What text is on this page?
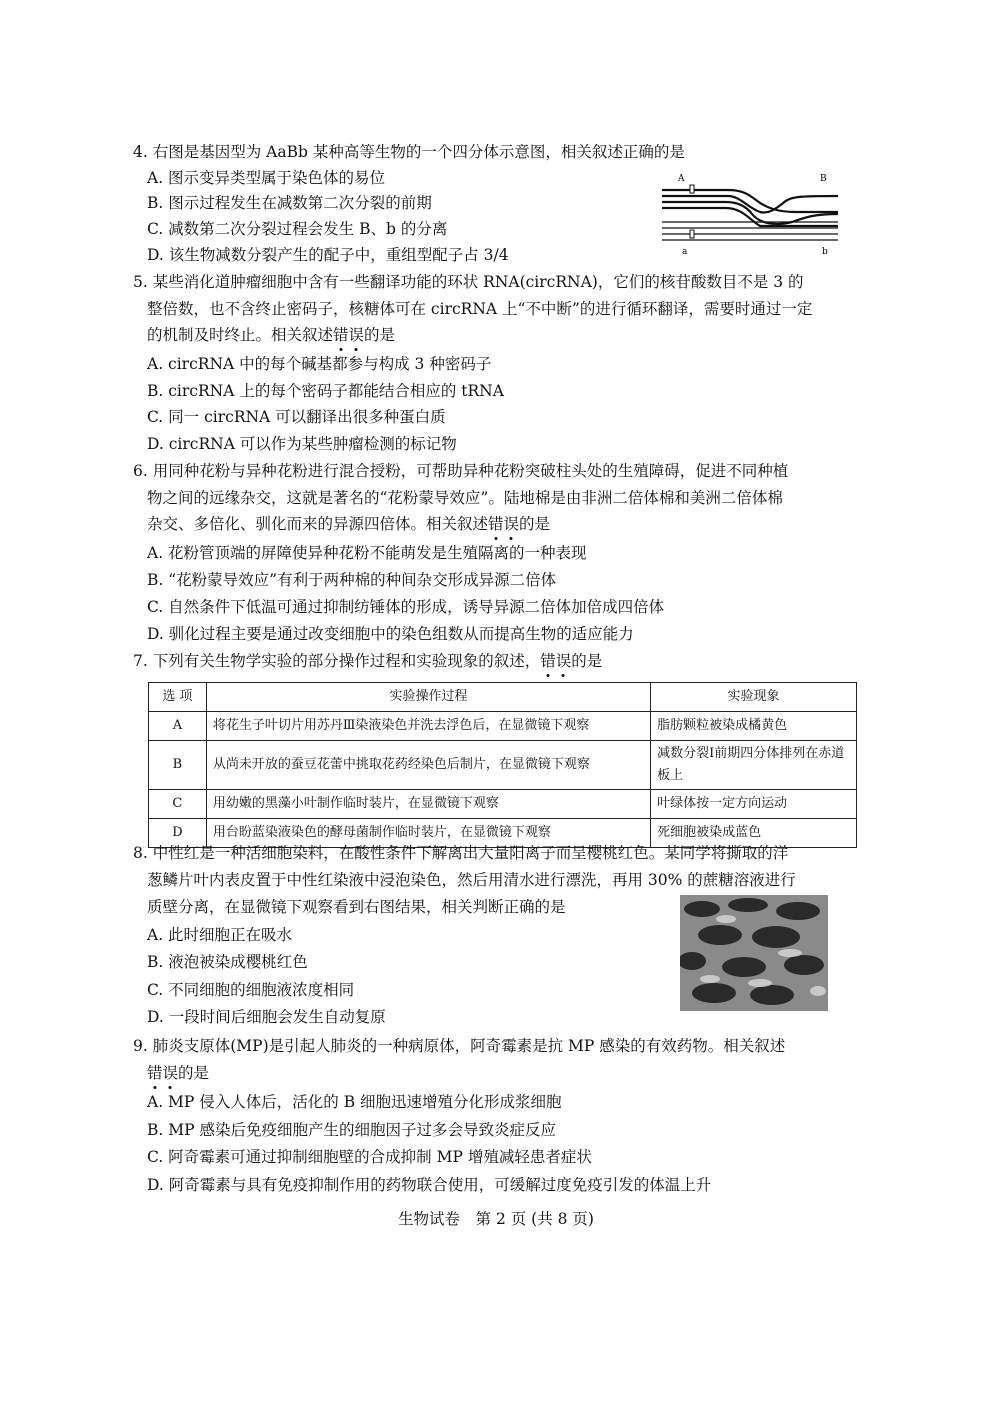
4. 右图是基因型为 AaBb 某种高等生物的一个四分体示意图，相关叙述正确的是
A. 图示变异类型属于染色体的易位
B. 图示过程发生在减数第二次分裂的前期
C. 减数第二次分裂过程会发生 B、b 的分离
D. 该生物减数分裂产生的配子中，重组型配子占 3/4
A	B
a	b
5. 某些消化道肿瘤细胞中含有一些翻译功能的环状 RNA(circRNA)，它们的核苷酸数目不是 3 的
整倍数，也不含终止密码子，核糖体可在 circRNA 上“不中断”的进行循环翻译，需要时通过一定
的机制及时终止。相关叙述错误的是
A. circRNA 中的每个碱基都参与构成 3 种密码子
B. circRNA 上的每个密码子都能结合相应的 tRNA
C. 同一 circRNA 可以翻译出很多种蛋白质
D. circRNA 可以作为某些肿瘤检测的标记物
6. 用同种花粉与异种花粉进行混合授粉，可帮助异种花粉突破柱头处的生殖障碍，促进不同种植
物之间的远缘杂交，这就是著名的“花粉蒙导效应”。陆地棉是由非洲二倍体棉和美洲二倍体棉
杂交、多倍化、驯化而来的异源四倍体。相关叙述错误的是
A. 花粉管顶端的屏障使异种花粉不能萌发是生殖隔离的一种表现
B. “花粉蒙导效应”有利于两种棉的种间杂交形成异源二倍体
C. 自然条件下低温可通过抑制纺锤体的形成，诱导异源二倍体加倍成四倍体
D. 驯化过程主要是通过改变细胞中的染色组数从而提高生物的适应能力
7. 下列有关生物学实验的部分操作过程和实验现象的叙述，错误的是
选 项	实验操作过程	实验现象
A	将花生子叶切片用苏丹Ⅲ染液染色并洗去浮色后，在显微镜下观察	脂肪颗粒被染成橘黄色
B	从尚未开放的蚕豆花蕾中挑取花药经染色后制片，在显微镜下观察	减数分裂Ⅰ前期四分体排列在赤道板上
C	用幼嫩的黑藻小叶制作临时装片，在显微镜下观察	叶绿体按一定方向运动
D	用台盼蓝染液染色的酵母菌制作临时装片，在显微镜下观察	死细胞被染成蓝色
8. 中性红是一种活细胞染料，在酸性条件下解离出大量阳离子而呈樱桃红色。某同学将撕取的洋
葱鳞片叶内表皮置于中性红染液中浸泡染色，然后用清水进行漂洗，再用 30% 的蔗糖溶液进行
质壁分离，在显微镜下观察看到右图结果，相关判断正确的是
A. 此时细胞正在吸水
B. 液泡被染成樱桃红色
C. 不同细胞的细胞液浓度相同
D. 一段时间后细胞会发生自动复原
9. 肺炎支原体(MP)是引起人肺炎的一种病原体，阿奇霉素是抗 MP 感染的有效药物。相关叙述
错误的是
A. MP 侵入人体后，活化的 B 细胞迅速增殖分化形成浆细胞
B. MP 感染后免疫细胞产生的细胞因子过多会导致炎症反应
C. 阿奇霉素可通过抑制细胞壁的合成抑制 MP 增殖减轻患者症状
D. 阿奇霉素与具有免疫抑制作用的药物联合使用，可缓解过度免疫引发的体温上升
生物试卷　第 2 页 (共 8 页)
